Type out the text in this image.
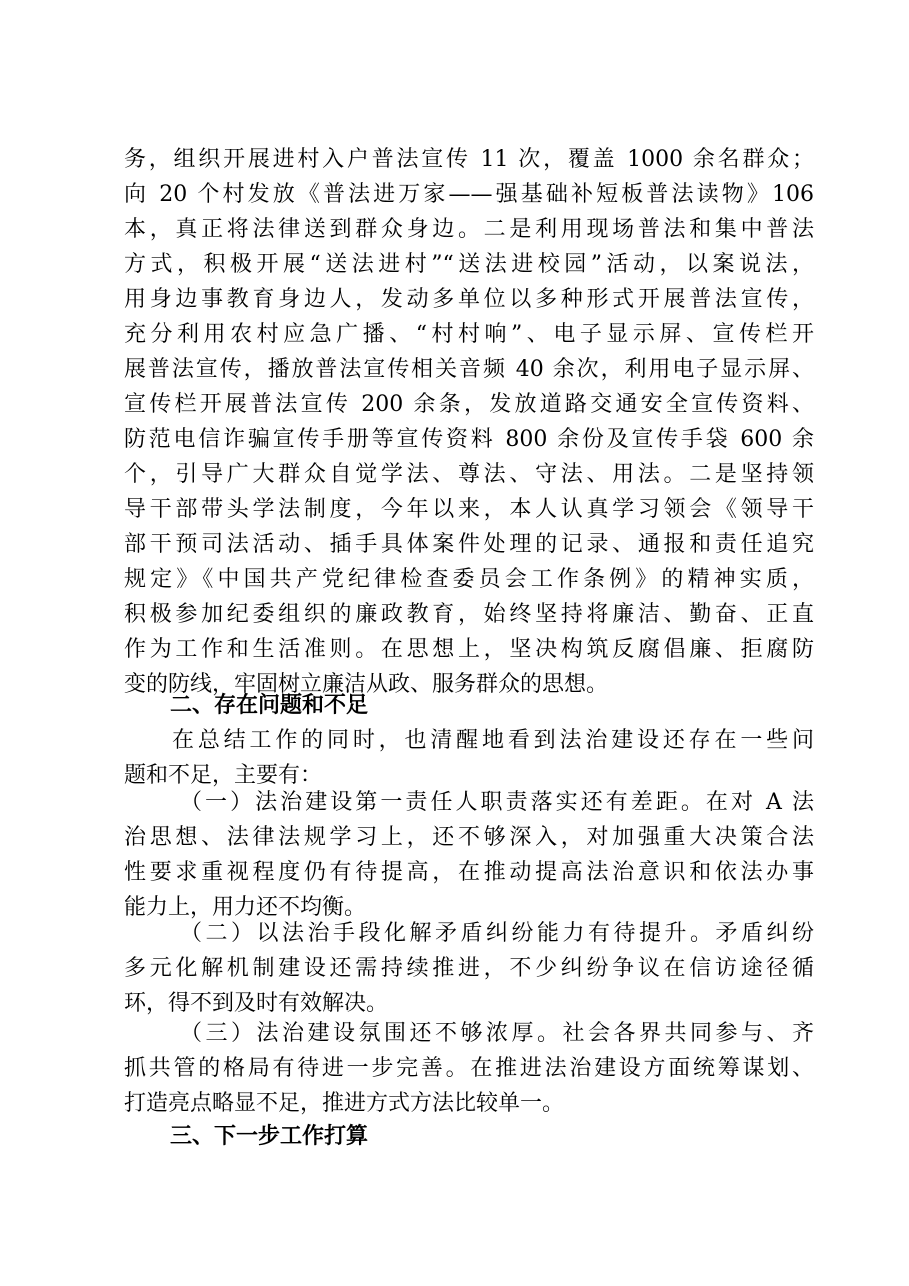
务，组织开展进村入户普法宣传 11 次，覆盖 1000 余名群众；
向 20 个村发放《普法进万家——强基础补短板普法读物》106
本，真正将法律送到群众身边。二是利用现场普法和集中普法
方式，积极开展“送法进村”“送法进校园”活动，以案说法，
用身边事教育身边人，发动多单位以多种形式开展普法宣传，
充分利用农村应急广播、“村村响”、电子显示屏、宣传栏开
展普法宣传，播放普法宣传相关音频 40 余次，利用电子显示屏、
宣传栏开展普法宣传 200 余条，发放道路交通安全宣传资料、
防范电信诈骗宣传手册等宣传资料 800 余份及宣传手袋 600 余
个，引导广大群众自觉学法、尊法、守法、用法。二是坚持领
导干部带头学法制度，今年以来，本人认真学习领会《领导干
部干预司法活动、插手具体案件处理的记录、通报和责任追究
规定》《中国共产党纪律检查委员会工作条例》的精神实质，
积极参加纪委组织的廉政教育，始终坚持将廉洁、勤奋、正直
作为工作和生活准则。在思想上，坚决构筑反腐倡廉、拒腐防
变的防线，牢固树立廉洁从政、服务群众的思想。
二、存在问题和不足
在总结工作的同时，也清醒地看到法治建设还存在一些问
题和不足，主要有：
（一）法治建设第一责任人职责落实还有差距。在对 A 法
治思想、法律法规学习上，还不够深入，对加强重大决策合法
性要求重视程度仍有待提高，在推动提高法治意识和依法办事
能力上，用力还不均衡。
（二）以法治手段化解矛盾纠纷能力有待提升。矛盾纠纷
多元化解机制建设还需持续推进，不少纠纷争议在信访途径循
环，得不到及时有效解决。
（三）法治建设氛围还不够浓厚。社会各界共同参与、齐
抓共管的格局有待进一步完善。在推进法治建设方面统筹谋划、
打造亮点略显不足，推进方式方法比较单一。
三、下一步工作打算
